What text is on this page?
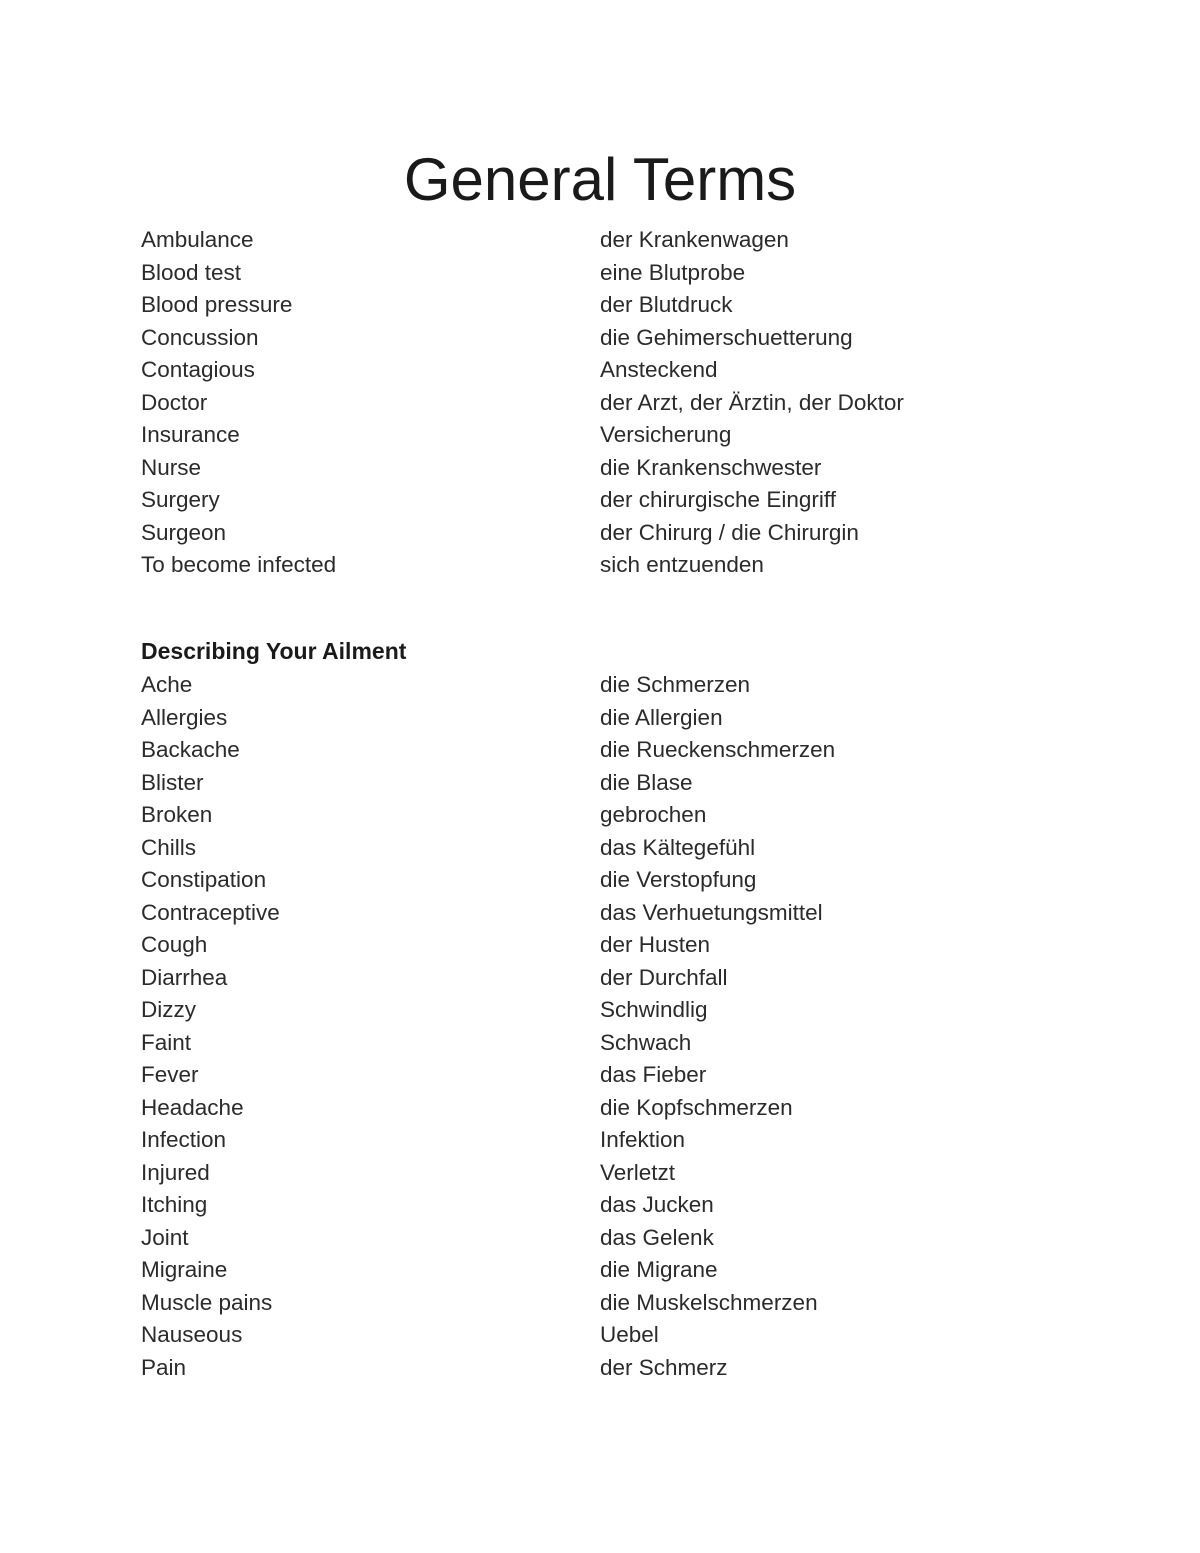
General Terms
Ambulance	der Krankenwagen
Blood test	eine Blutprobe
Blood pressure	der Blutdruck
Concussion	die Gehimerschuetterung
Contagious	Ansteckend
Doctor	der Arzt, der Ärztin, der Doktor
Insurance	Versicherung
Nurse	die Krankenschwester
Surgery	der chirurgische Eingriff
Surgeon	der Chirurg / die Chirurgin
To become infected	sich entzuenden
Describing Your Ailment
Ache	die Schmerzen
Allergies	die Allergien
Backache	die Rueckenschmerzen
Blister	die Blase
Broken	gebrochen
Chills	das Kältegefühl
Constipation	die Verstopfung
Contraceptive	das Verhuetungsmittel
Cough	der Husten
Diarrhea	der Durchfall
Dizzy	Schwindlig
Faint	Schwach
Fever	das Fieber
Headache	die Kopfschmerzen
Infection	Infektion
Injured	Verletzt
Itching	das Jucken
Joint	das Gelenk
Migraine	die Migrane
Muscle pains	die Muskelschmerzen
Nauseous	Uebel
Pain	der Schmerz
